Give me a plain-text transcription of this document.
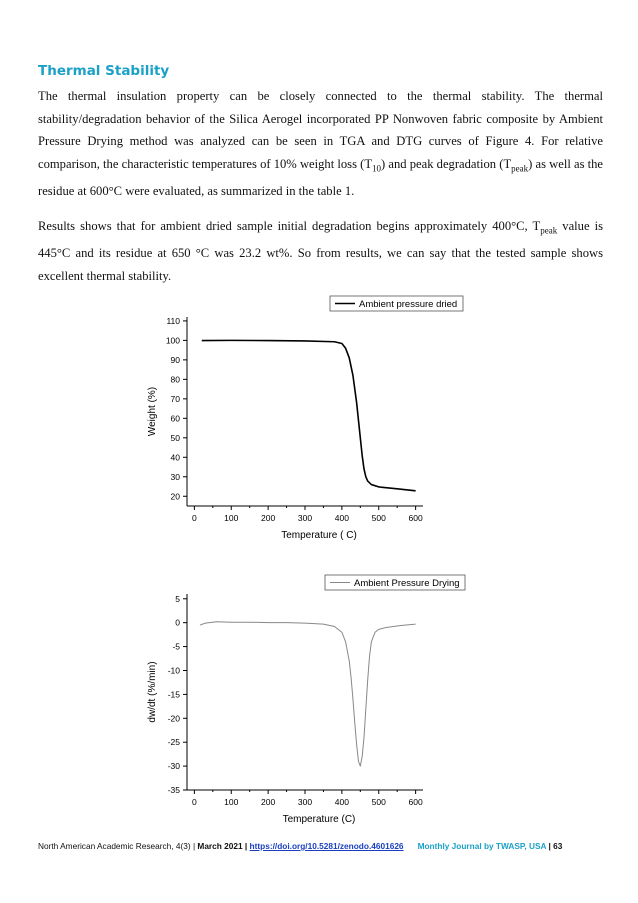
Thermal Stability
The thermal insulation property can be closely connected to the thermal stability. The thermal stability/degradation behavior of the Silica Aerogel incorporated PP Nonwoven fabric composite by Ambient Pressure Drying method was analyzed can be seen in TGA and DTG curves of Figure 4. For relative comparison, the characteristic temperatures of 10% weight loss $(T_{10})$ and peak degradation $(T_{peak})$ as well as the residue at 600°C were evaluated, as summarized in the table 1.
Results shows that for ambient dried sample initial degradation begins approximately 400°C, $T_{peak}$ value is 445°C and its residue at 650 °C was 23.2 wt%. So from results, we can say that the tested sample shows excellent thermal stability.
0	100	200	300	400	500	600
20
30
40
50
60
70
80
90
100
110
Temperature ( C)
Weight (%)
Ambient pressure dried
0	100	200	300	400	500	600
5
0
-5
-10
-15
-20
-25
-30
-35
Temperature (C)
dw/dt (%/min)
Ambient Pressure Drying
North American Academic Research, 4(3) | March 2021 | https://doi.org/10.5281/zenodo.4601626 Monthly Journal by TWASP, USA | 63
